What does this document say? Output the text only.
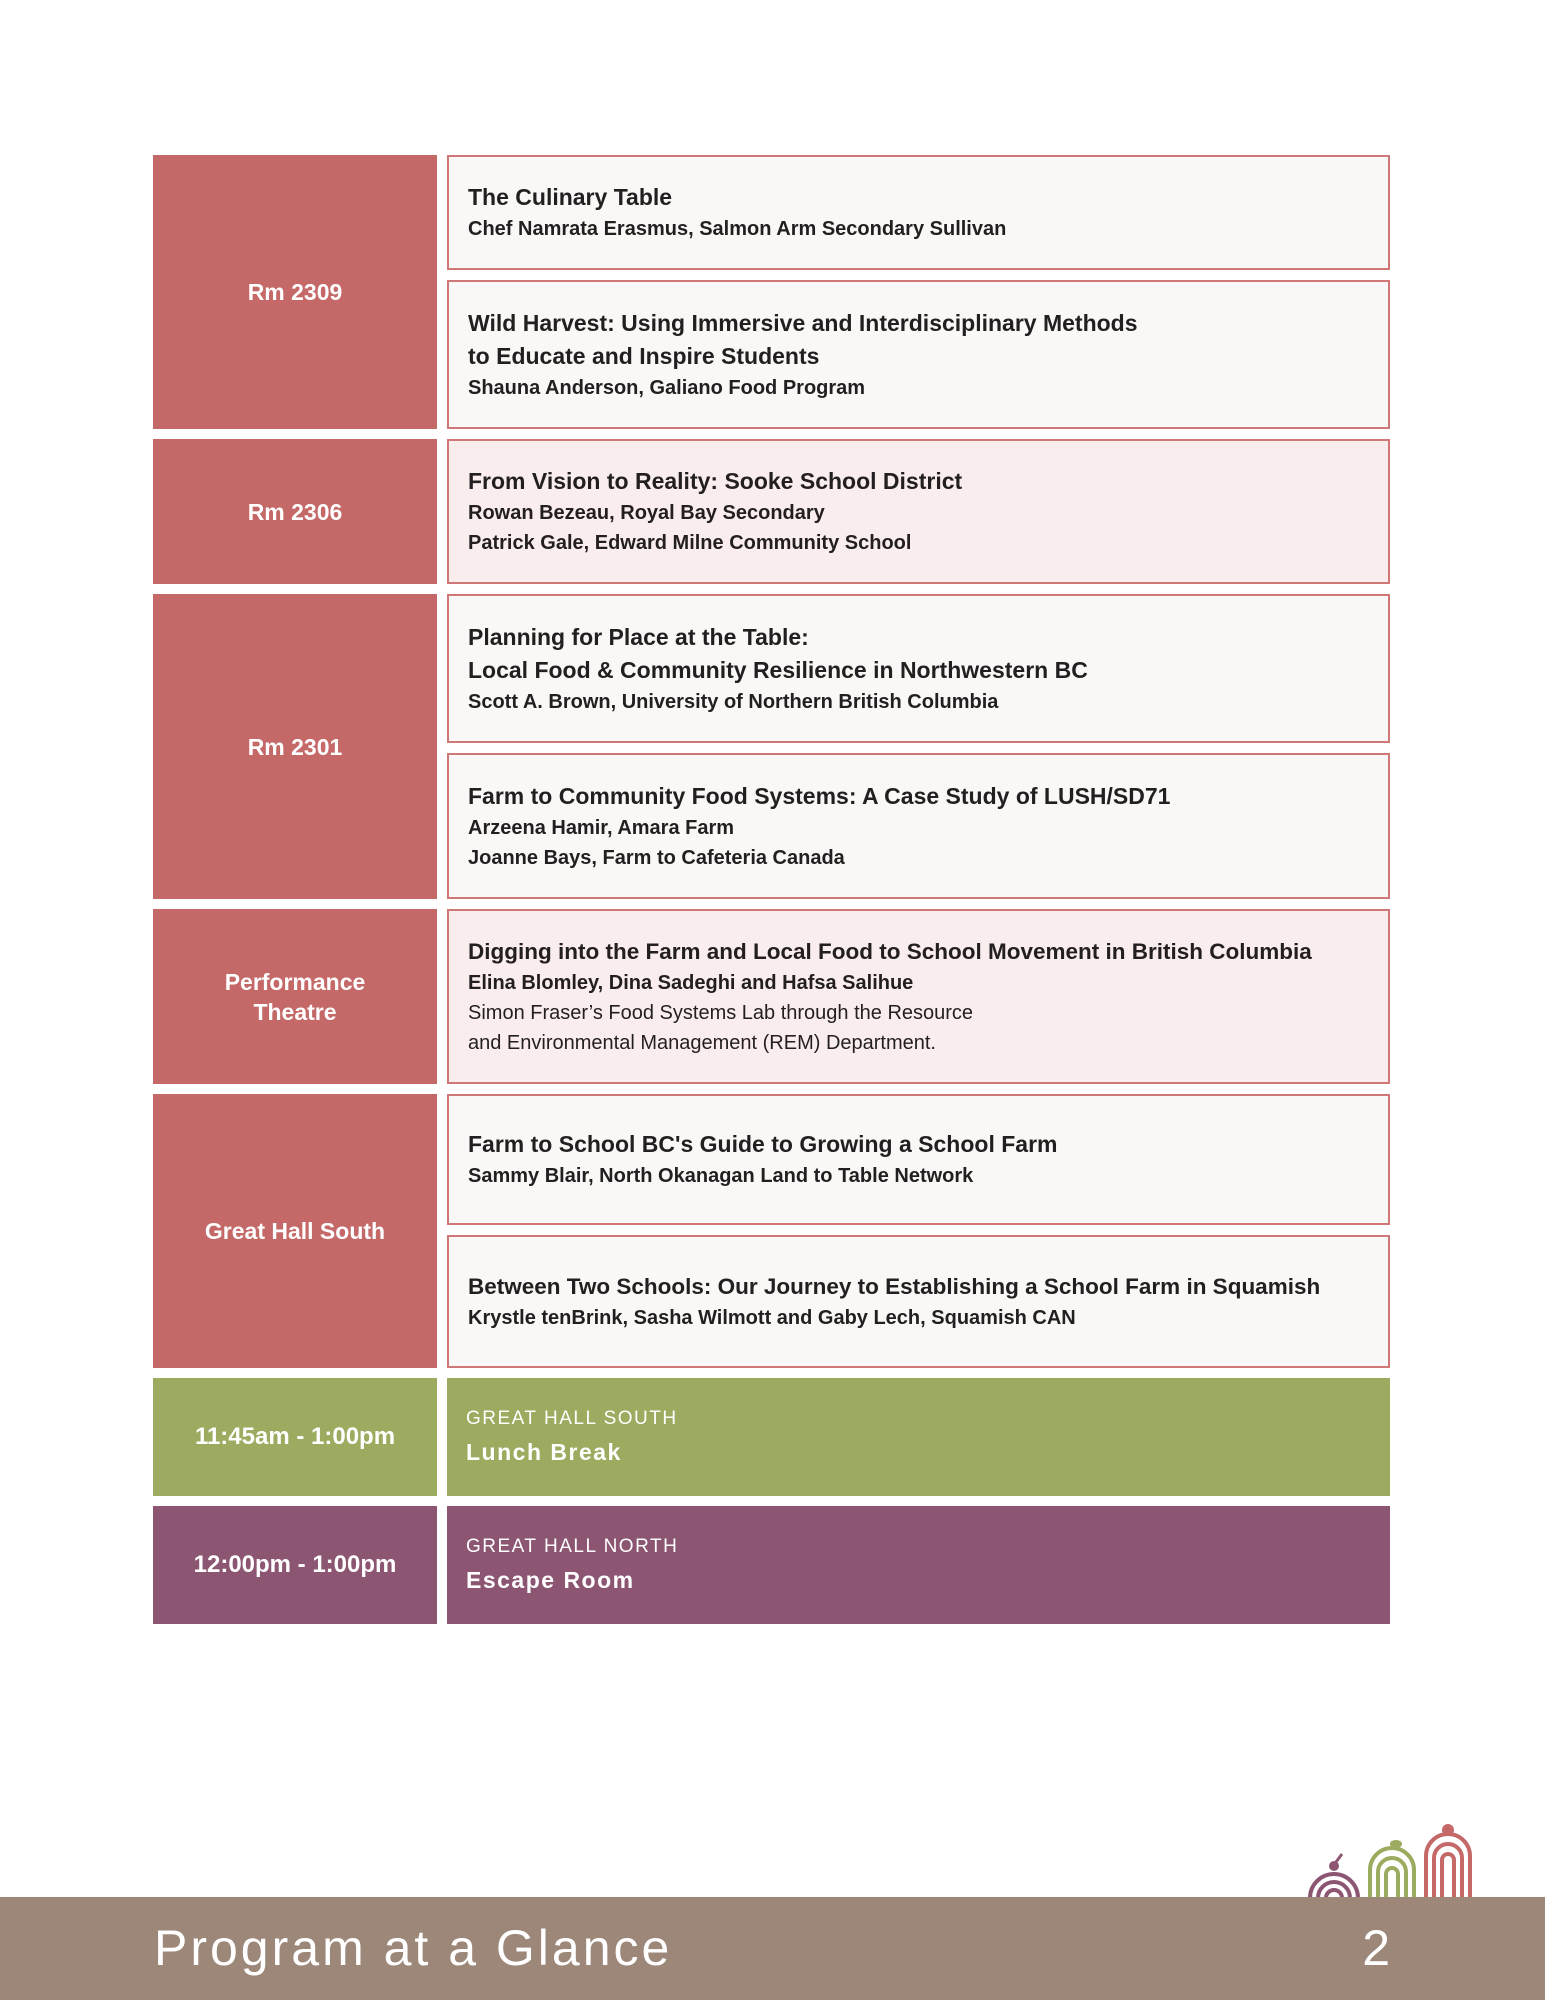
Rm 2309
Rm 2306
Rm 2301
Performance Theatre
Great Hall South
The Culinary Table
Chef Namrata Erasmus, Salmon Arm Secondary Sullivan
Wild Harvest: Using Immersive and Interdisciplinary Methods
to Educate and Inspire Students
Shauna Anderson, Galiano Food Program
From Vision to Reality: Sooke School District
Rowan Bezeau, Royal Bay Secondary
Patrick Gale, Edward Milne Community School
Planning for Place at the Table:
Local Food & Community Resilience in Northwestern BC
Scott A. Brown, University of Northern British Columbia
Farm to Community Food Systems: A Case Study of LUSH/SD71
Arzeena Hamir, Amara Farm
Joanne Bays, Farm to Cafeteria Canada
Digging into the Farm and Local Food to School Movement in British Columbia
Elina Blomley, Dina Sadeghi and Hafsa Salihue
Simon Fraser’s Food Systems Lab through the Resource
and Environmental Management (REM) Department.
Farm to School BC's Guide to Growing a School Farm
Sammy Blair, North Okanagan Land to Table Network
Between Two Schools: Our Journey to Establishing a School Farm in Squamish
Krystle tenBrink, Sasha Wilmott and Gaby Lech, Squamish CAN
11:45am - 1:00pm
GREAT HALL SOUTH
Lunch Break
12:00pm - 1:00pm
GREAT HALL NORTH
Escape Room
Program at a Glance	2
